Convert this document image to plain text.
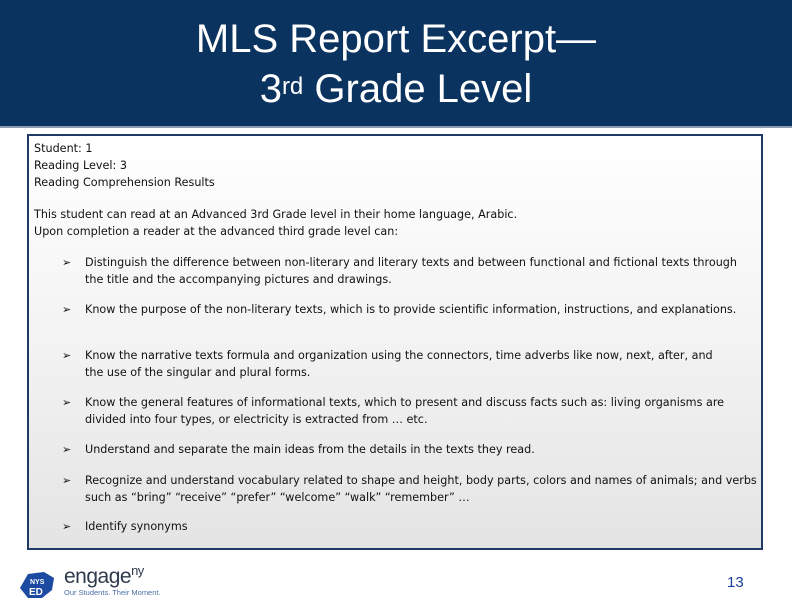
MLS Report Excerpt—
3rd Grade Level
Student: 1
Reading Level: 3
Reading Comprehension Results
This student can read at an Advanced 3rd Grade level in their home language, Arabic.
Upon completion a reader at the advanced third grade level can:
➢ Distinguish the difference between non-literary and literary texts and between functional and fictional texts through
the title and the accompanying pictures and drawings.
➢ Know the purpose of the non-literary texts, which is to provide scientific information, instructions, and explanations.
➢ Know the narrative texts formula and organization using the connectors, time adverbs like now, next, after, and
the use of the singular and plural forms.
➢ Know the general features of informational texts, which to present and discuss facts such as: living organisms are
divided into four types, or electricity is extracted from … etc.
➢ Understand and separate the main ideas from the details in the texts they read.
➢ Recognize and understand vocabulary related to shape and height, body parts, colors and names of animals; and verbs
such as “bring” “receive” “prefer” “welcome” “walk” “remember” …
➢ Identify synonyms
NYS
ED
engage$^{ny}$
Our Students. Their Moment.
13
